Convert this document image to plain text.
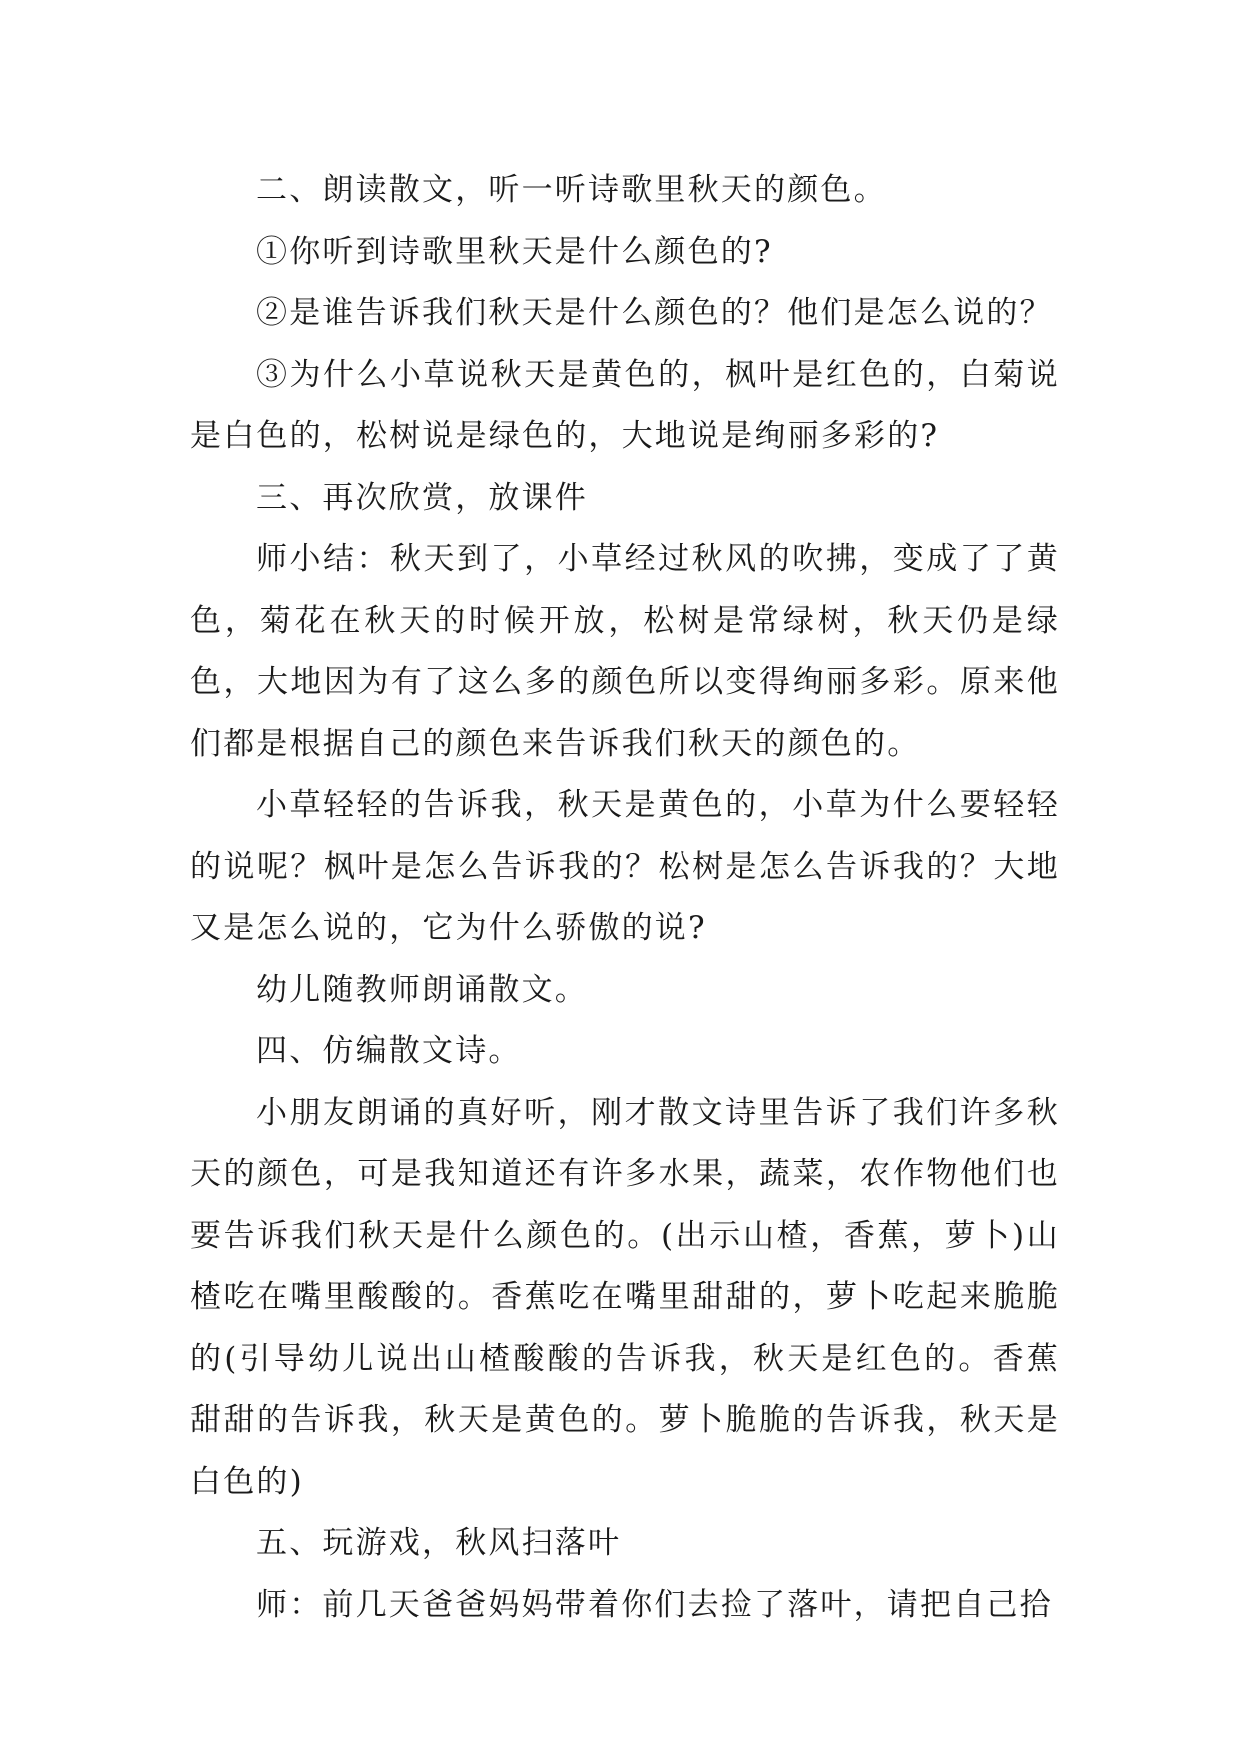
二、朗读散文，听一听诗歌里秋天的颜色。

①你听到诗歌里秋天是什么颜色的?

②是谁告诉我们秋天是什么颜色的？他们是怎么说的？

③为什么小草说秋天是黄色的，枫叶是红色的，白菊说是白色的，松树说是绿色的，大地说是绚丽多彩的?

三、再次欣赏，放课件

师小结：秋天到了，小草经过秋风的吹拂，变成了了黄色，菊花在秋天的时候开放，松树是常绿树，秋天仍是绿色，大地因为有了这么多的颜色所以变得绚丽多彩。原来他们都是根据自己的颜色来告诉我们秋天的颜色的。

小草轻轻的告诉我，秋天是黄色的，小草为什么要轻轻的说呢？枫叶是怎么告诉我的？松树是怎么告诉我的？大地又是怎么说的，它为什么骄傲的说?

幼儿随教师朗诵散文。

四、仿编散文诗。

小朋友朗诵的真好听，刚才散文诗里告诉了我们许多秋天的颜色，可是我知道还有许多水果，蔬菜，农作物他们也要告诉我们秋天是什么颜色的。(出示山楂，香蕉，萝卜)山楂吃在嘴里酸酸的。香蕉吃在嘴里甜甜的，萝卜吃起来脆脆的(引导幼儿说出山楂酸酸的告诉我，秋天是红色的。香蕉甜甜的告诉我，秋天是黄色的。萝卜脆脆的告诉我，秋天是白色的)

五、玩游戏，秋风扫落叶

师：前几天爸爸妈妈带着你们去捡了落叶，请把自己拾
